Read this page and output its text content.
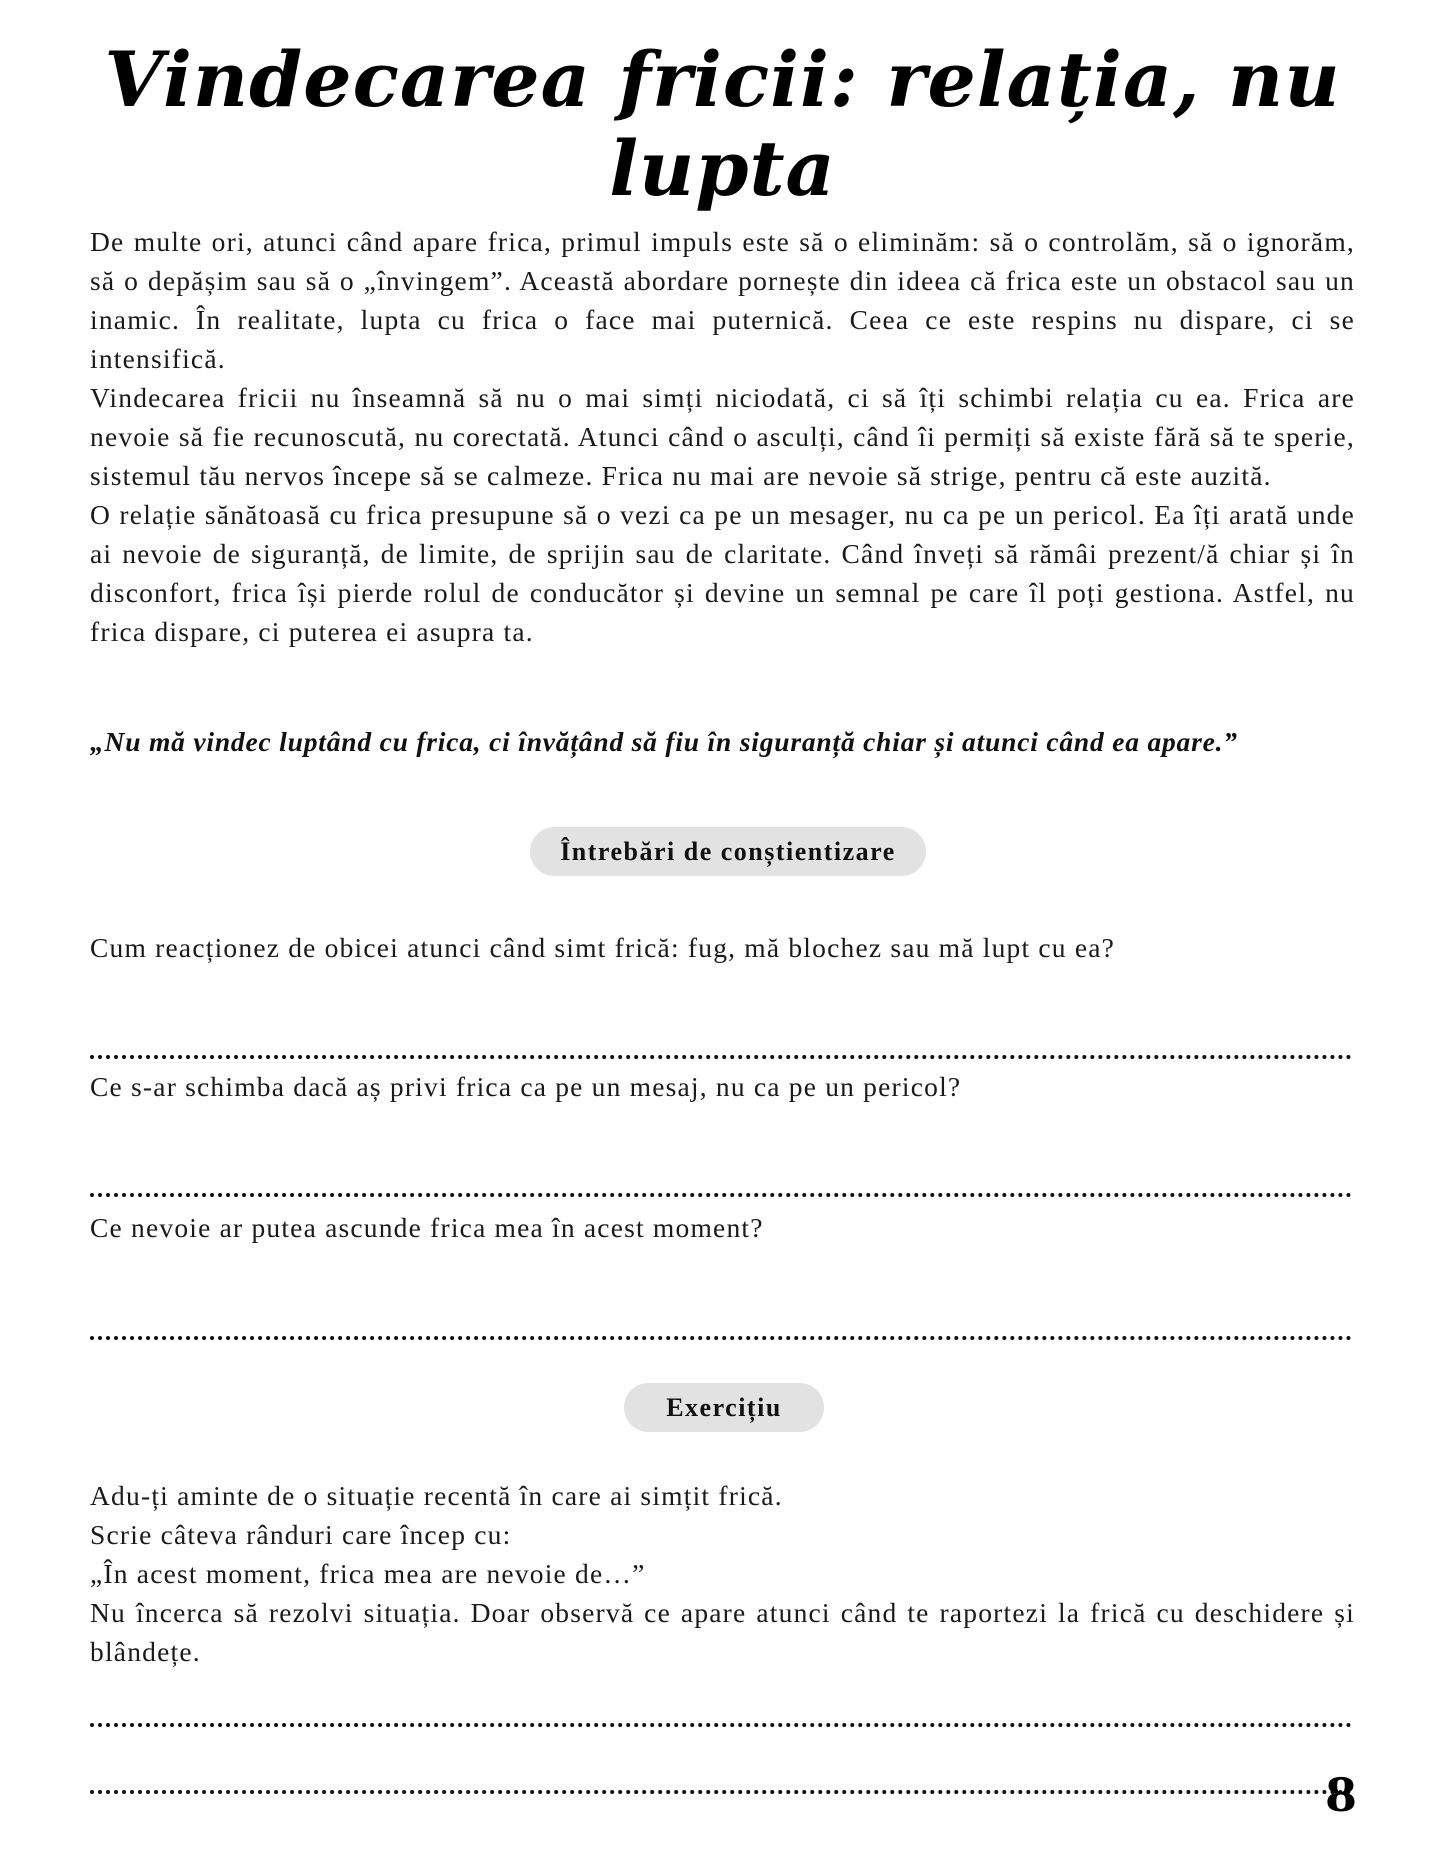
Vindecarea fricii: relația, nu lupta

De multe ori, atunci când apare frica, primul impuls este să o eliminăm: să o controlăm, să o ignorăm, să o depășim sau să o „învingem”. Această abordare pornește din ideea că frica este un obstacol sau un inamic. În realitate, lupta cu frica o face mai puternică. Ceea ce este respins nu dispare, ci se intensifică.

Vindecarea fricii nu înseamnă să nu o mai simți niciodată, ci să îți schimbi relația cu ea. Frica are nevoie să fie recunoscută, nu corectată. Atunci când o asculți, când îi permiți să existe fără să te sperie, sistemul tău nervos începe să se calmeze. Frica nu mai are nevoie să strige, pentru că este auzită.

O relație sănătoasă cu frica presupune să o vezi ca pe un mesager, nu ca pe un pericol. Ea îți arată unde ai nevoie de siguranță, de limite, de sprijin sau de claritate. Când înveți să rămâi prezent/ă chiar și în disconfort, frica își pierde rolul de conducător și devine un semnal pe care îl poți gestiona. Astfel, nu frica dispare, ci puterea ei asupra ta.

„Nu mă vindec luptând cu frica, ci învățând să fiu în siguranță chiar și atunci când ea apare.”
Întrebări de conștientizare
Cum reacționez de obicei atunci când simt frică: fug, mă blochez sau mă lupt cu ea?
Ce s-ar schimba dacă aș privi frica ca pe un mesaj, nu ca pe un pericol?
Ce nevoie ar putea ascunde frica mea în acest moment?
Exercițiu

Adu-ți aminte de o situație recentă în care ai simțit frică.

Scrie câteva rânduri care încep cu:

„În acest moment, frica mea are nevoie de…”

Nu încerca să rezolvi situația. Doar observă ce apare atunci când te raportezi la frică cu deschidere și blândețe.

8
